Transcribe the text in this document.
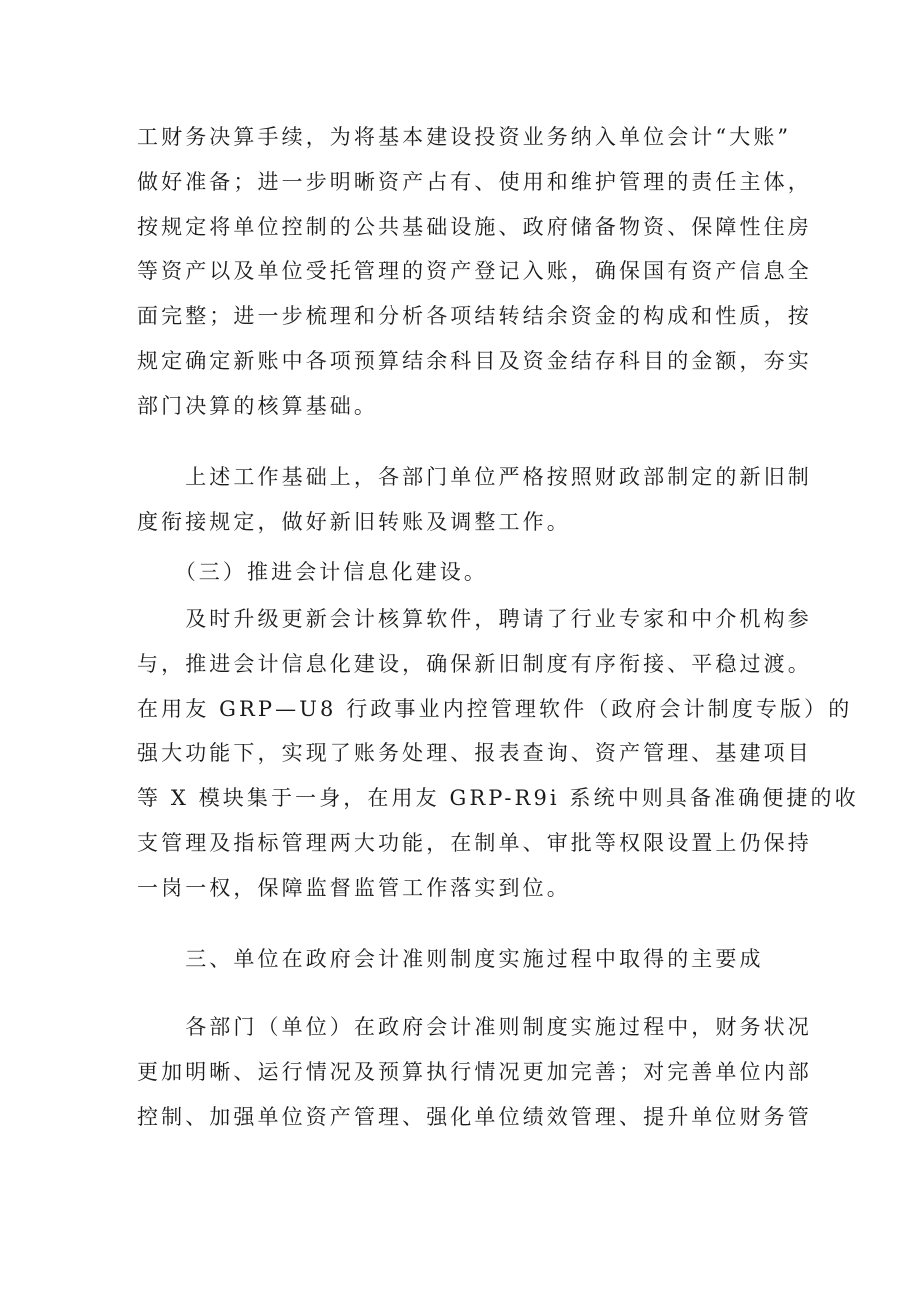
工财务决算手续，为将基本建设投资业务纳入单位会计“大账”

做好准备；进一步明晰资产占有、使用和维护管理的责任主体，

按规定将单位控制的公共基础设施、政府储备物资、保障性住房

等资产以及单位受托管理的资产登记入账，确保国有资产信息全

面完整；进一步梳理和分析各项结转结余资金的构成和性质，按

规定确定新账中各项预算结余科目及资金结存科目的金额，夯实

部门决算的核算基础。

　　上述工作基础上，各部门单位严格按照财政部制定的新旧制

度衔接规定，做好新旧转账及调整工作。

　　（三）推进会计信息化建设。

　　及时升级更新会计核算软件，聘请了行业专家和中介机构参

与，推进会计信息化建设，确保新旧制度有序衔接、平稳过渡。

在用友 GRP—U8 行政事业内控管理软件（政府会计制度专版）的

强大功能下，实现了账务处理、报表查询、资产管理、基建项目

等 X 模块集于一身，在用友 GRP-R9i 系统中则具备准确便捷的收

支管理及指标管理两大功能，在制单、审批等权限设置上仍保持

一岗一权，保障监督监管工作落实到位。

　　三、单位在政府会计准则制度实施过程中取得的主要成

　　各部门（单位）在政府会计准则制度实施过程中，财务状况

更加明晰、运行情况及预算执行情况更加完善；对完善单位内部

控制、加强单位资产管理、强化单位绩效管理、提升单位财务管
